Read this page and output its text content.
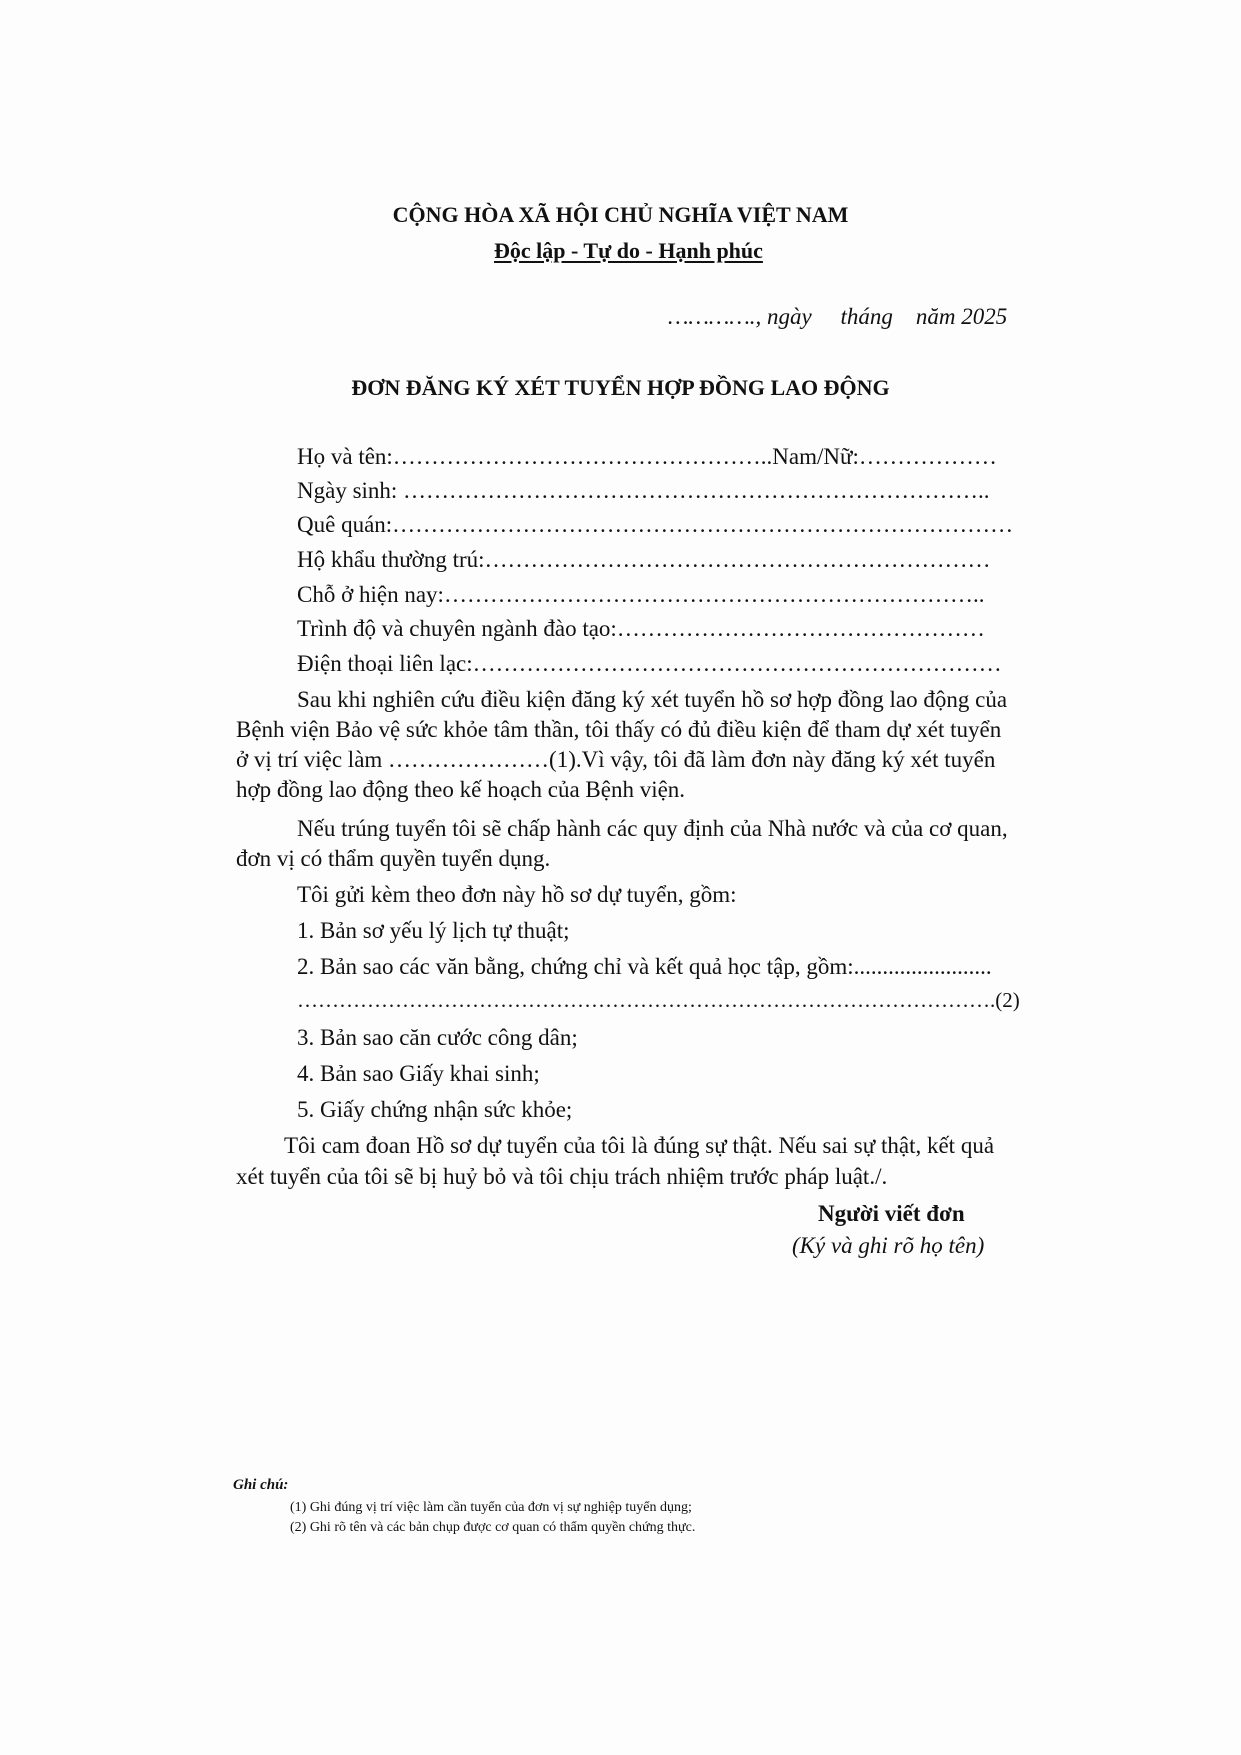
CỘNG HÒA XÃ HỘI CHỦ NGHĨA VIỆT NAM
Độc lập - Tự do - Hạnh phúc
…………., ngày     tháng    năm 2025
ĐƠN ĐĂNG KÝ XÉT TUYỂN HỢP ĐỒNG LAO ĐỘNG
Họ và tên:…………………………………………..Nam/Nữ:………………
Ngày sinh: …………………………………………………………………..
Quê quán:………………………………………………………………………
Hộ khẩu thường trú:…………………………………………………………
Chỗ ở hiện nay:……………………………………………………………..
Trình độ và chuyên ngành đào tạo:…………………………………………
Điện thoại liên lạc:……………………………………………………………
Sau khi nghiên cứu điều kiện đăng ký xét tuyển hồ sơ hợp đồng lao động của
Bệnh viện Bảo vệ sức khỏe tâm thần, tôi thấy có đủ điều kiện để tham dự xét tuyển
ở vị trí việc làm …………………(1).Vì vậy, tôi đã làm đơn này đăng ký xét tuyển
hợp đồng lao động theo kế hoạch của Bệnh viện.
Nếu trúng tuyển tôi sẽ chấp hành các quy định của Nhà nước và của cơ quan,
đơn vị có thẩm quyền tuyển dụng.
Tôi gửi kèm theo đơn này hồ sơ dự tuyển, gồm:
1. Bản sơ yếu lý lịch tự thuật;
2. Bản sao các văn bằng, chứng chỉ và kết quả học tập, gồm:........................
……………………………………………………………………………………….(2)
3. Bản sao căn cước công dân;
4. Bản sao Giấy khai sinh;
5. Giấy chứng nhận sức khỏe;
Tôi cam đoan Hồ sơ dự tuyển của tôi là đúng sự thật. Nếu sai sự thật, kết quả
xét tuyển của tôi sẽ bị huỷ bỏ và tôi chịu trách nhiệm trước pháp luật./.
Người viết đơn
(Ký và ghi rõ họ tên)
Ghi chú:
(1) Ghi đúng vị trí việc làm cần tuyển của đơn vị sự nghiệp tuyển dụng;
(2) Ghi rõ tên và các bản chụp được cơ quan có thẩm quyền chứng thực.
